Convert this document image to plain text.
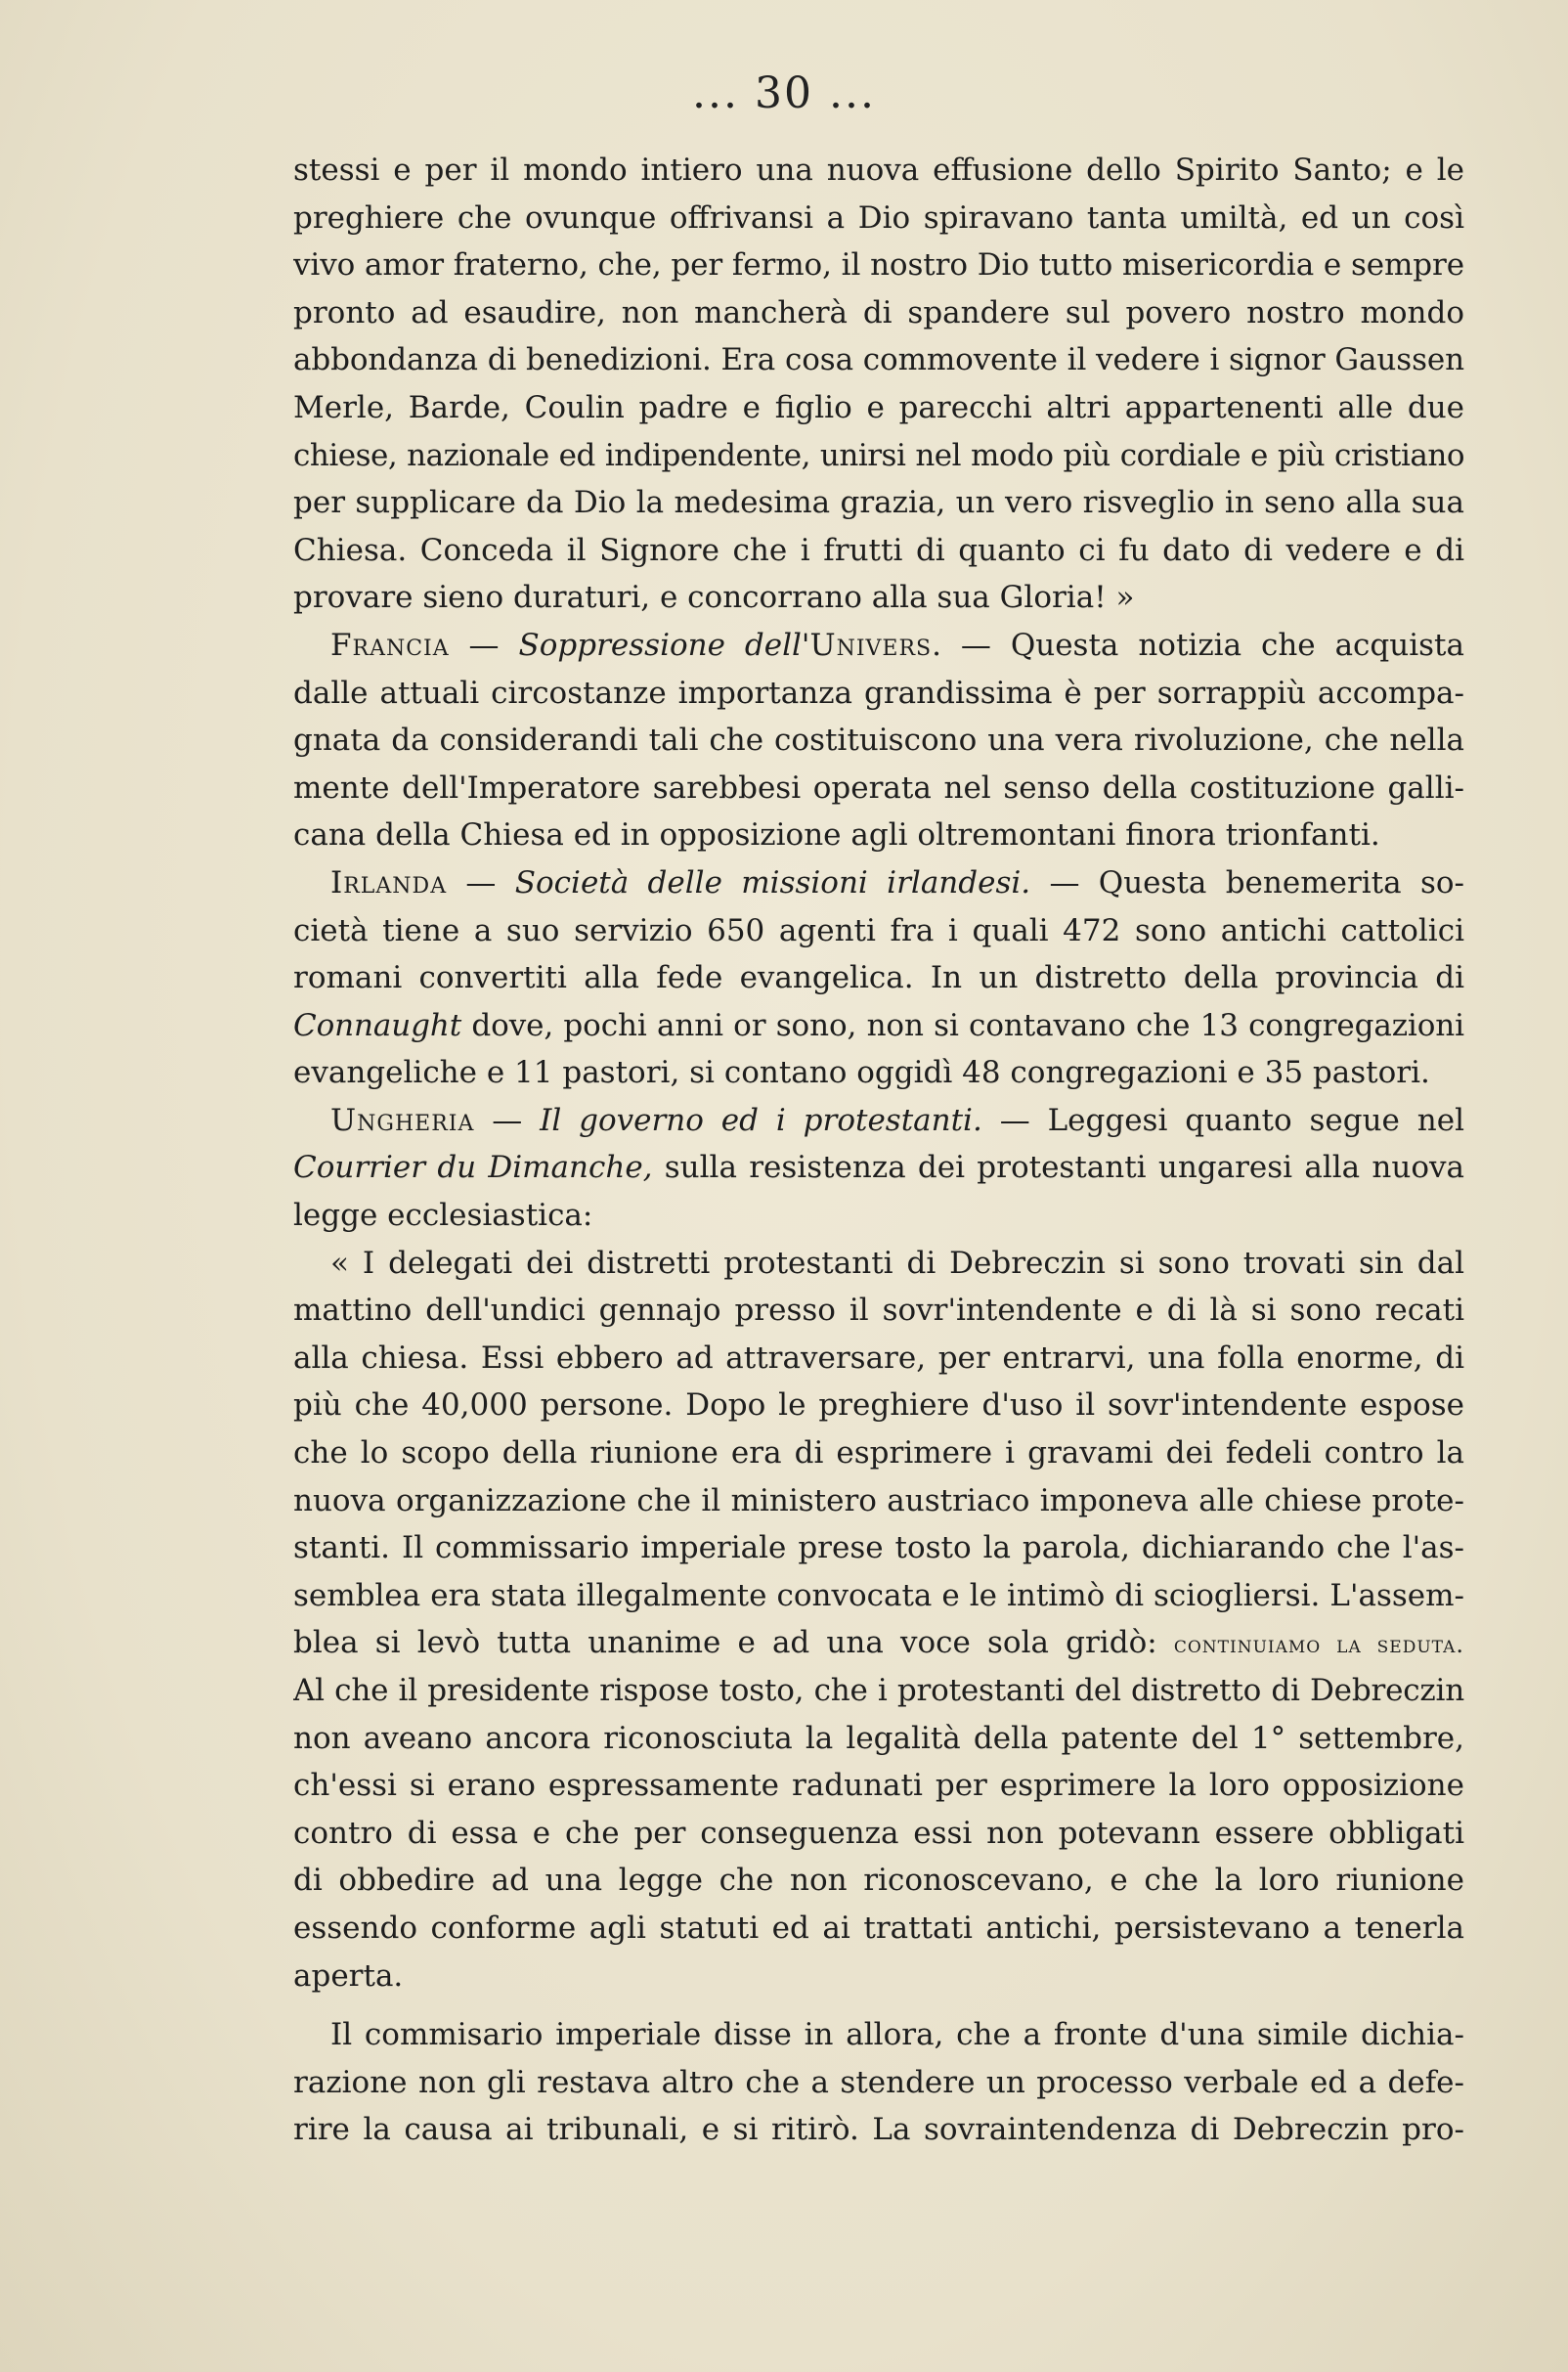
... 30 ...
stessi e per il mondo intiero una nuova effusione dello Spirito Santo; e le
preghiere che ovunque offrivansi a Dio spiravano tanta umiltà, ed un così
vivo amor fraterno, che, per fermo, il nostro Dio tutto misericordia e sempre
pronto ad esaudire, non mancherà di spandere sul povero nostro mondo
abbondanza di benedizioni. Era cosa commovente il vedere i signor Gaussen
Merle, Barde, Coulin padre e figlio e parecchi altri appartenenti alle due
chiese, nazionale ed indipendente, unirsi nel modo più cordiale e più cristiano
per supplicare da Dio la medesima grazia, un vero risveglio in seno alla sua
Chiesa. Conceda il Signore che i frutti di quanto ci fu dato di vedere e di
provare sieno duraturi, e concorrano alla sua Gloria! »
Francia — Soppressione dell'Univers. — Questa notizia che acquista
dalle attuali circostanze importanza grandissima è per sorrappiù accompa-
gnata da considerandi tali che costituiscono una vera rivoluzione, che nella
mente dell'Imperatore sarebbesi operata nel senso della costituzione galli-
cana della Chiesa ed in opposizione agli oltremontani finora trionfanti.
Irlanda — Società delle missioni irlandesi. — Questa benemerita so-
cietà tiene a suo servizio 650 agenti fra i quali 472 sono antichi cattolici
romani convertiti alla fede evangelica. In un distretto della provincia di
Connaught dove, pochi anni or sono, non si contavano che 13 congregazioni
evangeliche e 11 pastori, si contano oggidì 48 congregazioni e 35 pastori.
Ungheria — Il governo ed i protestanti. — Leggesi quanto segue nel
Courrier du Dimanche, sulla resistenza dei protestanti ungaresi alla nuova
legge ecclesiastica:
« I delegati dei distretti protestanti di Debreczin si sono trovati sin dal
mattino dell'undici gennajo presso il sovr'intendente e di là si sono recati
alla chiesa. Essi ebbero ad attraversare, per entrarvi, una folla enorme, di
più che 40,000 persone. Dopo le preghiere d'uso il sovr'intendente espose
che lo scopo della riunione era di esprimere i gravami dei fedeli contro la
nuova organizzazione che il ministero austriaco imponeva alle chiese prote-
stanti. Il commissario imperiale prese tosto la parola, dichiarando che l'as-
semblea era stata illegalmente convocata e le intimò di sciogliersi. L'assem-
blea si levò tutta unanime e ad una voce sola gridò: continuiamo la seduta.
Al che il presidente rispose tosto, che i protestanti del distretto di Debreczin
non aveano ancora riconosciuta la legalità della patente del 1° settembre,
ch'essi si erano espressamente radunati per esprimere la loro opposizione
contro di essa e che per conseguenza essi non potevann essere obbligati
di obbedire ad una legge che non riconoscevano, e che la loro riunione
essendo conforme agli statuti ed ai trattati antichi, persistevano a tenerla
aperta.
Il commisario imperiale disse in allora, che a fronte d'una simile dichia-
razione non gli restava altro che a stendere un processo verbale ed a defe-
rire la causa ai tribunali, e si ritirò. La sovraintendenza di Debreczin pro-
